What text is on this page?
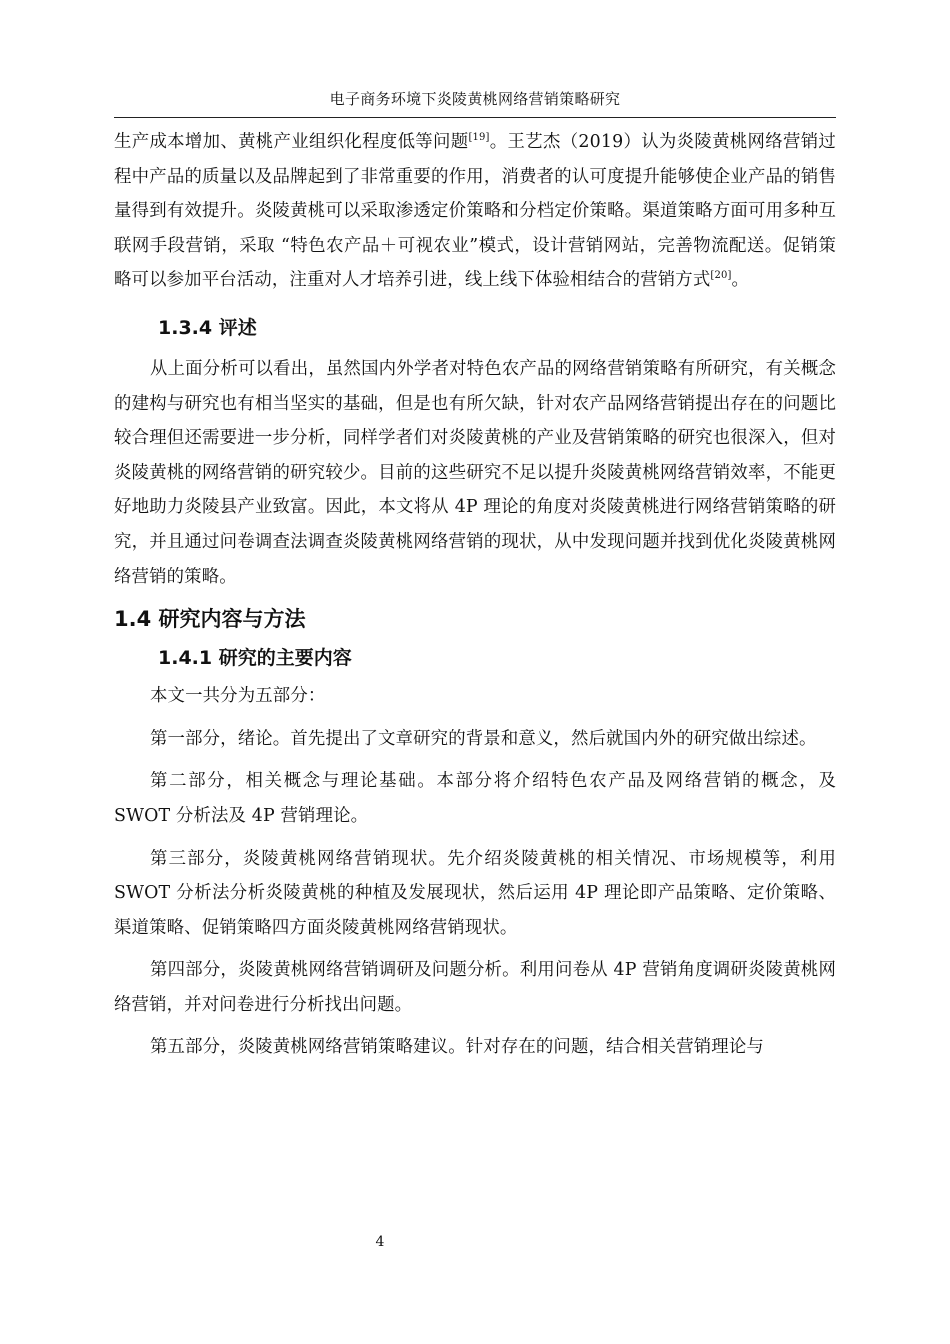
电子商务环境下炎陵黄桃网络营销策略研究

生产成本增加、黄桃产业组织化程度低等问题[19]。王艺杰（2019）认为炎陵黄桃网络营销过程中产品的质量以及品牌起到了非常重要的作用，消费者的认可度提升能够使企业产品的销售量得到有效提升。炎陵黄桃可以采取渗透定价策略和分档定价策略。渠道策略方面可用多种互联网手段营销，采取 “特色农产品＋可视农业”模式，设计营销网站，完善物流配送。促销策略可以参加平台活动，注重对人才培养引进，线上线下体验相结合的营销方式[20]。

1.3.4 评述

从上面分析可以看出，虽然国内外学者对特色农产品的网络营销策略有所研究，有关概念的建构与研究也有相当坚实的基础，但是也有所欠缺，针对农产品网络营销提出存在的问题比较合理但还需要进一步分析，同样学者们对炎陵黄桃的产业及营销策略的研究也很深入，但对炎陵黄桃的网络营销的研究较少。目前的这些研究不足以提升炎陵黄桃网络营销效率，不能更好地助力炎陵县产业致富。因此，本文将从 4P 理论的角度对炎陵黄桃进行网络营销策略的研究，并且通过问卷调查法调查炎陵黄桃网络营销的现状，从中发现问题并找到优化炎陵黄桃网络营销的策略。

1.4 研究内容与方法
1.4.1 研究的主要内容

本文一共分为五部分：

第一部分，绪论。首先提出了文章研究的背景和意义，然后就国内外的研究做出综述。

第二部分，相关概念与理论基础。本部分将介绍特色农产品及网络营销的概念，及 SWOT 分析法及 4P 营销理论。

第三部分，炎陵黄桃网络营销现状。先介绍炎陵黄桃的相关情况、市场规模等，利用 SWOT 分析法分析炎陵黄桃的种植及发展现状，然后运用 4P 理论即产品策略、定价策略、渠道策略、促销策略四方面炎陵黄桃网络营销现状。

第四部分，炎陵黄桃网络营销调研及问题分析。利用问卷从 4P 营销角度调研炎陵黄桃网络营销，并对问卷进行分析找出问题。

第五部分，炎陵黄桃网络营销策略建议。针对存在的问题，结合相关营销理论与

4
